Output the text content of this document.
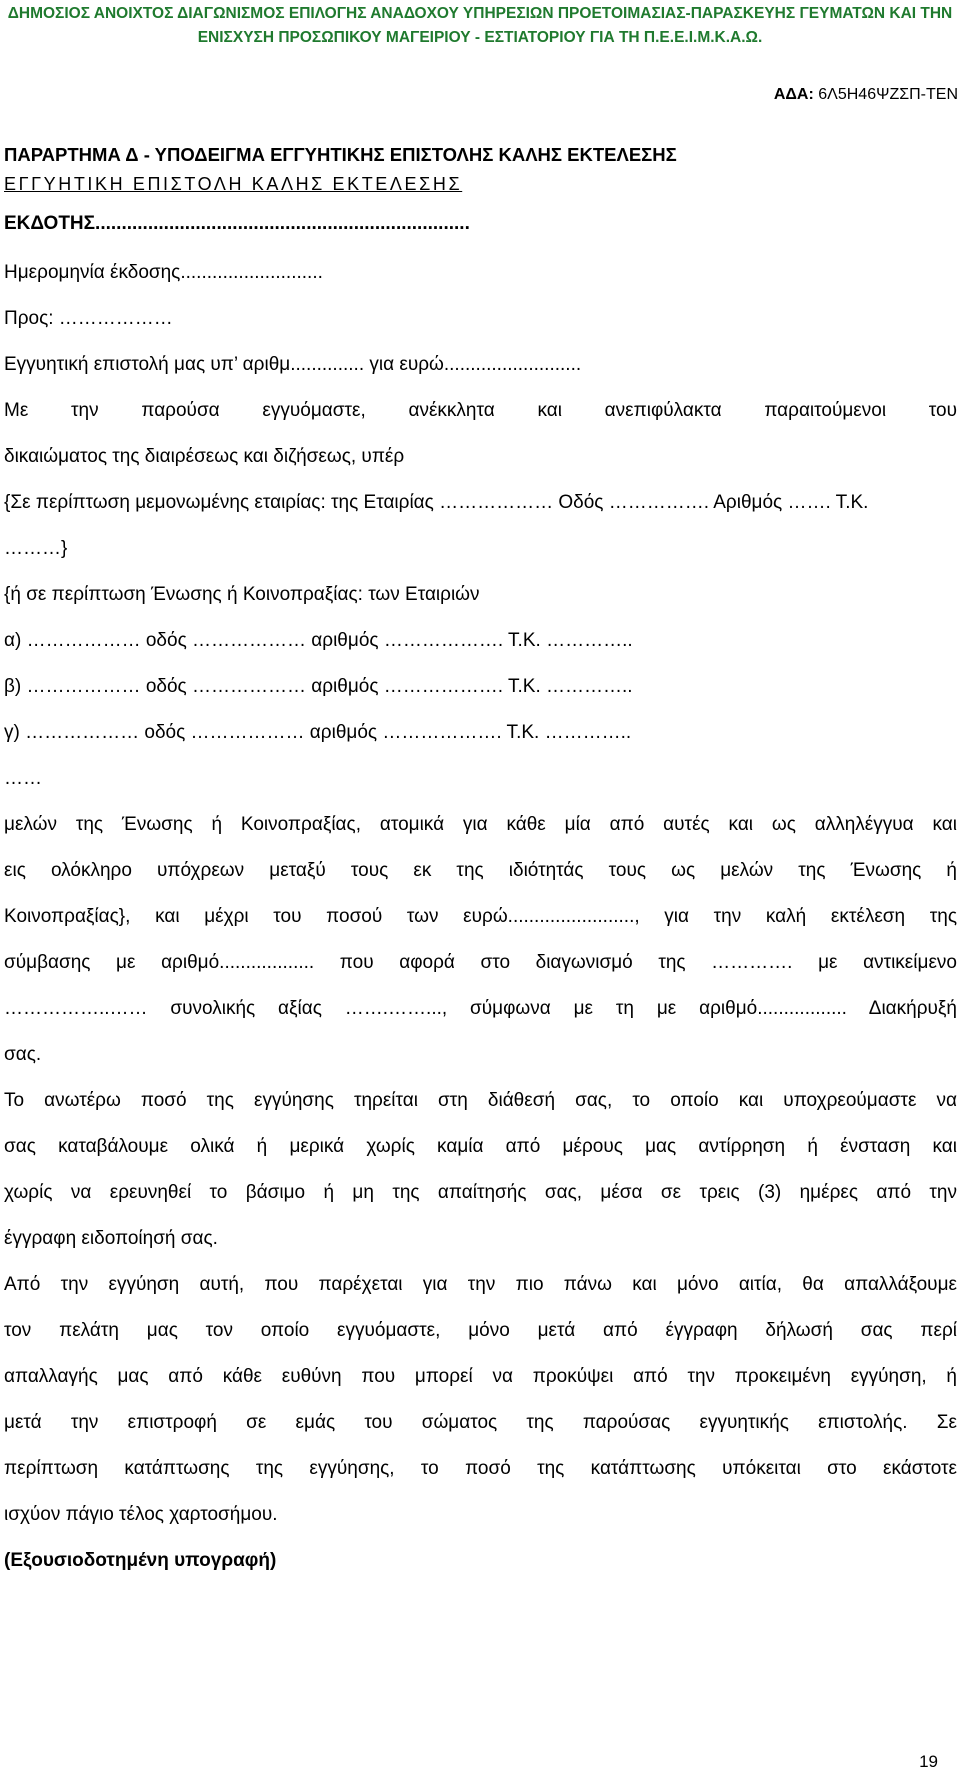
ΔΗΜΟΣΙΟΣ ΑΝΟΙΧΤΟΣ ΔΙΑΓΩΝΙΣΜΟΣ ΕΠΙΛΟΓΗΣ ΑΝΑΔΟΧΟΥ ΥΠΗΡΕΣΙΩΝ ΠΡΟΕΤΟΙΜΑΣΙΑΣ-ΠΑΡΑΣΚΕΥΗΣ ΓΕΥΜΑΤΩΝ ΚΑΙ ΤΗΝ
ΕΝΙΣΧΥΣΗ ΠΡΟΣΩΠΙΚΟΥ ΜΑΓΕΙΡΙΟΥ - ΕΣΤΙΑΤΟΡΙΟΥ ΓΙΑ ΤΗ Π.Ε.Ε.Ι.Μ.Κ.Α.Ω.
ΑΔΑ: 6Λ5Η46ΨΖΣΠ-ΤΕΝ
ΠΑΡΑΡΤΗΜΑ Δ - ΥΠΟΔΕΙΓΜΑ ΕΓΓΥΗΤΙΚΗΣ ΕΠΙΣΤΟΛΗΣ ΚΑΛΗΣ ΕΚΤΕΛΕΣΗΣ
ΕΓΓΥΗΤΙΚΗ ΕΠΙΣΤΟΛΗ ΚΑΛΗΣ ΕΚΤΕΛΕΣΗΣ
ΕΚΔΟΤΗΣ.......................................................................
Ημερομηνία έκδοσης...........................
Προς: ………………
Εγγυητική επιστολή μας υπ’ αριθμ.............. για ευρώ..........................
Με την παρούσα εγγυόμαστε, ανέκκλητα και ανεπιφύλακτα παραιτούμενοι του
δικαιώματος της διαιρέσεως και διζήσεως, υπέρ
{Σε περίπτωση μεμονωμένης εταιρίας: της Εταιρίας ……………… Οδός ……………. Αριθμός ……. Τ.Κ.
………}
{ή σε περίπτωση Ένωσης ή Κοινοπραξίας: των Εταιριών
α) ……………… οδός ……………… αριθμός ………………. Τ.Κ. …………..
β) ……………… οδός ……………… αριθμός ………………. Τ.Κ. …………..
γ) ……………… οδός ……………… αριθμός ………………. Τ.Κ. …………..
……
μελών της Ένωσης ή Κοινοπραξίας, ατομικά για κάθε μία από αυτές και ως αλληλέγγυα και
εις ολόκληρο υπόχρεων μεταξύ τους εκ της ιδιότητάς τους ως μελών της Ένωσης ή
Κοινοπραξίας}, και μέχρι του ποσού των ευρώ........................, για την καλή εκτέλεση της
σύμβασης με αριθμό.................. που αφορά στο διαγωνισμό της …………. με αντικείμενο
……………..…… συνολικής αξίας …….……..., σύμφωνα με τη με αριθμό................. Διακήρυξή
σας.
Το ανωτέρω ποσό της εγγύησης τηρείται στη διάθεσή σας, το οποίο και υποχρεούμαστε να
σας καταβάλουμε ολικά ή μερικά χωρίς καμία από μέρους μας αντίρρηση ή ένσταση και
χωρίς να ερευνηθεί το βάσιμο ή μη της απαίτησής σας, μέσα σε τρεις (3) ημέρες από την
έγγραφη ειδοποίησή σας.
Από την εγγύηση αυτή, που παρέχεται για την πιο πάνω και μόνο αιτία, θα απαλλάξουμε
τον πελάτη μας τον οποίο εγγυόμαστε, μόνο μετά από έγγραφη δήλωσή σας περί
απαλλαγής μας από κάθε ευθύνη που μπορεί να προκύψει από την προκειμένη εγγύηση, ή
μετά την επιστροφή σε εμάς του σώματος της παρούσας εγγυητικής επιστολής. Σε
περίπτωση κατάπτωσης της εγγύησης, το ποσό της κατάπτωσης υπόκειται στο εκάστοτε
ισχύον πάγιο τέλος χαρτοσήμου.
(Εξουσιοδοτημένη υπογραφή)
19
